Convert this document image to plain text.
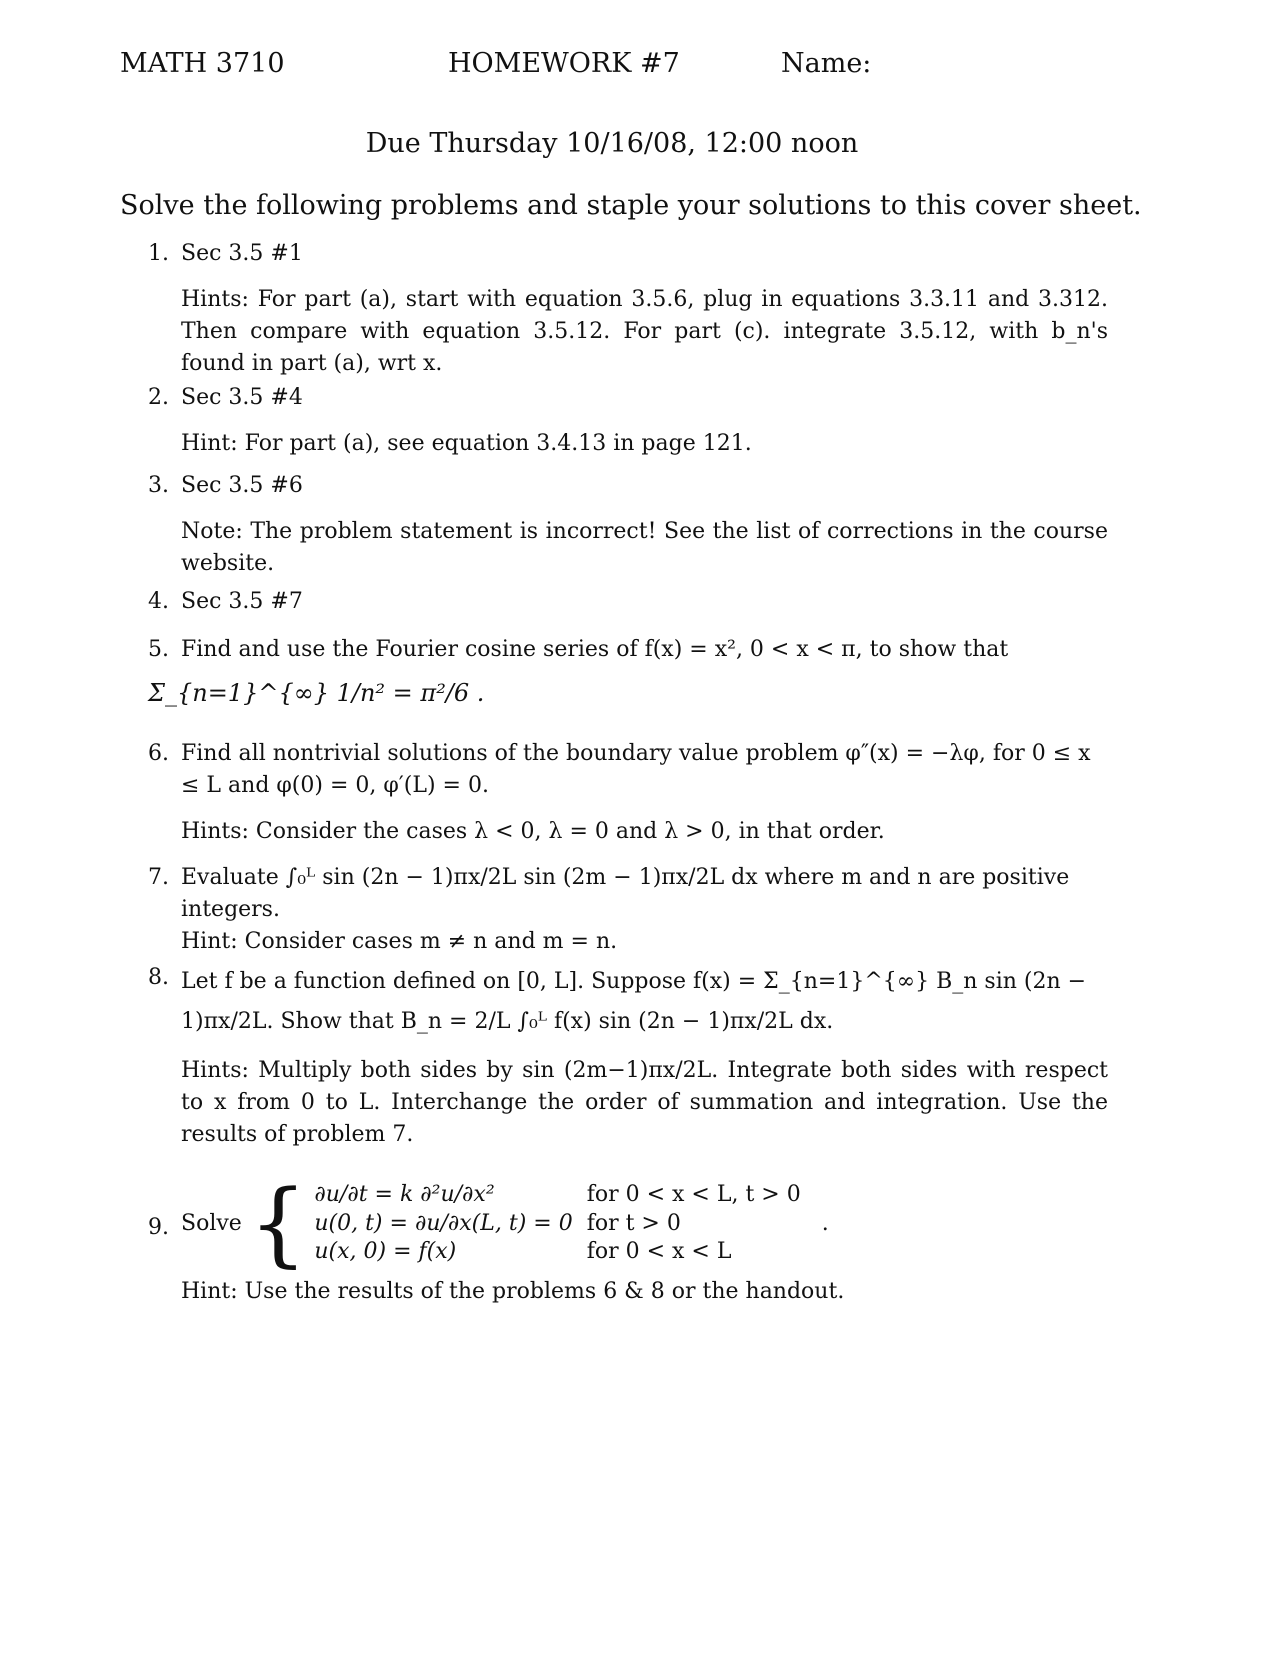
MATH 3710	HOMEWORK #7	Name:
Due Thursday 10/16/08, 12:00 noon
Solve the following problems and staple your solutions to this cover sheet.
1. Sec 3.5 #1
Hints: For part (a), start with equation 3.5.6, plug in equations 3.3.11 and 3.312. Then compare with equation 3.5.12. For part (c). integrate 3.5.12, with b_n's found in part (a), wrt x.
2. Sec 3.5 #4
Hint: For part (a), see equation 3.4.13 in page 121.
3. Sec 3.5 #6
Note: The problem statement is incorrect! See the list of corrections in the course website.
4. Sec 3.5 #7
5. Find and use the Fourier cosine series of f(x) = x², 0 < x < π, to show that
Σ_{n=1}^{∞} 1/n² = π²/6 .
6. Find all nontrivial solutions of the boundary value problem φ″(x) = −λφ, for 0 ≤ x ≤ L and φ(0) = 0, φ′(L) = 0.
Hints: Consider the cases λ < 0, λ = 0 and λ > 0, in that order.
7. Evaluate ∫₀ᴸ sin (2n − 1)πx/2L sin (2m − 1)πx/2L dx where m and n are positive integers.
Hint: Consider cases m ≠ n and m = n.
8. Let f be a function defined on [0, L]. Suppose f(x) = Σ_{n=1}^{∞} B_n sin (2n − 1)πx/2L. Show that B_n = 2/L ∫₀ᴸ f(x) sin (2n − 1)πx/2L dx.
Hints: Multiply both sides by sin (2m−1)πx/2L. Integrate both sides with respect to x from 0 to L. Interchange the order of summation and integration. Use the results of problem 7.
9. Solve { ∂u/∂t = k ∂²u/∂x²	for 0 < x < L, t > 0
u(0, t) = ∂u/∂x(L, t) = 0	for t > 0
u(x, 0) = f(x)	for 0 < x < L .
Hint: Use the results of the problems 6 & 8 or the handout.
